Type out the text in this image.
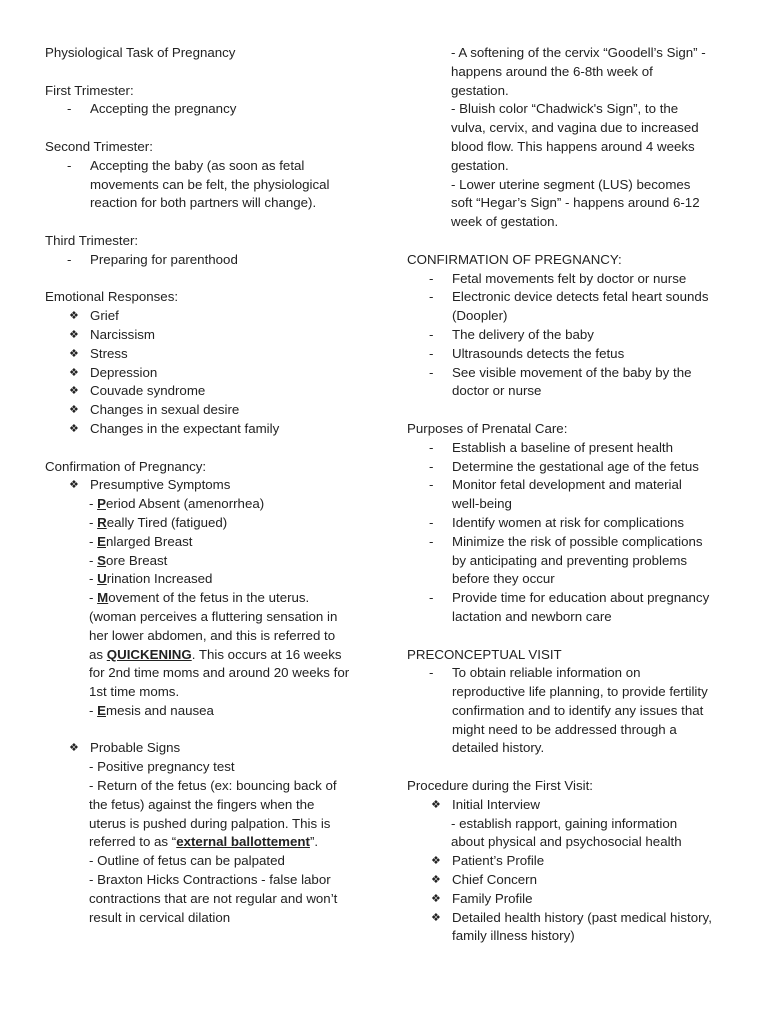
Physiological Task of Pregnancy
First Trimester:
- Accepting the pregnancy
Second Trimester:
- Accepting the baby (as soon as fetal
movements can be felt, the physiological
reaction for both partners will change).
Third Trimester:
- Preparing for parenthood
Emotional Responses:
❖ Grief
❖ Narcissism
❖ Stress
❖ Depression
❖ Couvade syndrome
❖ Changes in sexual desire
❖ Changes in the expectant family
Confirmation of Pregnancy:
❖ Presumptive Symptoms
- Period Absent (amenorrhea)
- Really Tired (fatigued)
- Enlarged Breast
- Sore Breast
- Urination Increased
- Movement of the fetus in the uterus.
(woman perceives a fluttering sensation in
her lower abdomen, and this is referred to
as QUICKENING. This occurs at 16 weeks
for 2nd time moms and around 20 weeks for
1st time moms.
- Emesis and nausea
❖ Probable Signs
- Positive pregnancy test
- Return of the fetus (ex: bouncing back of
the fetus) against the fingers when the
uterus is pushed during palpation. This is
referred to as “external ballottement”.
- Outline of fetus can be palpated
- Braxton Hicks Contractions - false labor
contractions that are not regular and won’t
result in cervical dilation
- A softening of the cervix “Goodell’s Sign” -
happens around the 6-8th week of
gestation.
- Bluish color “Chadwick's Sign”, to the
vulva, cervix, and vagina due to increased
blood flow. This happens around 4 weeks
gestation.
- Lower uterine segment (LUS) becomes
soft “Hegar’s Sign” - happens around 6-12
week of gestation.
CONFIRMATION OF PREGNANCY:
- Fetal movements felt by doctor or nurse
- Electronic device detects fetal heart sounds
(Doopler)
- The delivery of the baby
- Ultrasounds detects the fetus
- See visible movement of the baby by the
doctor or nurse
Purposes of Prenatal Care:
- Establish a baseline of present health
- Determine the gestational age of the fetus
- Monitor fetal development and material
well-being
- Identify women at risk for complications
- Minimize the risk of possible complications
by anticipating and preventing problems
before they occur
- Provide time for education about pregnancy
lactation and newborn care
PRECONCEPTUAL VISIT
- To obtain reliable information on
reproductive life planning, to provide fertility
confirmation and to identify any issues that
might need to be addressed through a
detailed history.
Procedure during the First Visit:
❖ Initial Interview
- establish rapport, gaining information
about physical and psychosocial health
❖ Patient’s Profile
❖ Chief Concern
❖ Family Profile
❖ Detailed health history (past medical history,
family illness history)
